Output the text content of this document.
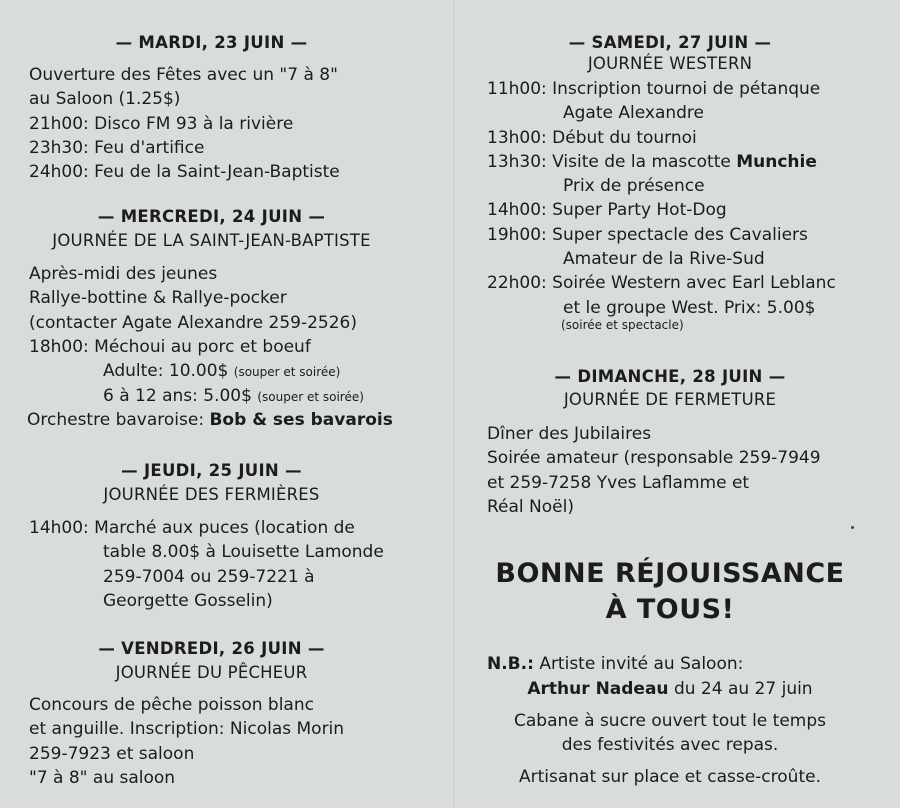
— MARDI, 23 JUIN —
Ouverture des Fêtes avec un "7 à 8"
au Saloon (1.25$)
21h00: Disco FM 93 à la rivière
23h30: Feu d'artifice
24h00: Feu de la Saint-Jean-Baptiste
— MERCREDI, 24 JUIN —
JOURNÉE DE LA SAINT-JEAN-BAPTISTE
Après-midi des jeunes
Rallye-bottine & Rallye-pocker
(contacter Agate Alexandre 259-2526)
18h00: Méchoui au porc et boeuf
Adulte: 10.00$ (souper et soirée)
6 à 12 ans: 5.00$ (souper et soirée)
Orchestre bavaroise: Bob & ses bavarois
— JEUDI, 25 JUIN —
JOURNÉE DES FERMIÈRES
14h00: Marché aux puces (location de
table 8.00$ à Louisette Lamonde
259-7004 ou 259-7221 à
Georgette Gosselin)
— VENDREDI, 26 JUIN —
JOURNÉE DU PÊCHEUR
Concours de pêche poisson blanc
et anguille. Inscription: Nicolas Morin
259-7923 et saloon
"7 à 8" au saloon
— SAMEDI, 27 JUIN —
JOURNÉE WESTERN
11h00: Inscription tournoi de pétanque
Agate Alexandre
13h00: Début du tournoi
13h30: Visite de la mascotte Munchie
Prix de présence
14h00: Super Party Hot-Dog
19h00: Super spectacle des Cavaliers
Amateur de la Rive-Sud
22h00: Soirée Western avec Earl Leblanc
et le groupe West. Prix: 5.00$
(soirée et spectacle)
— DIMANCHE, 28 JUIN —
JOURNÉE DE FERMETURE
Dîner des Jubilaires
Soirée amateur (responsable 259-7949
et 259-7258 Yves Laflamme et
Réal Noël)
BONNE RÉJOUISSANCE
À TOUS!
N.B.: Artiste invité au Saloon:
Arthur Nadeau du 24 au 27 juin
Cabane à sucre ouvert tout le temps
des festivités avec repas.
Artisanat sur place et casse-croûte.
